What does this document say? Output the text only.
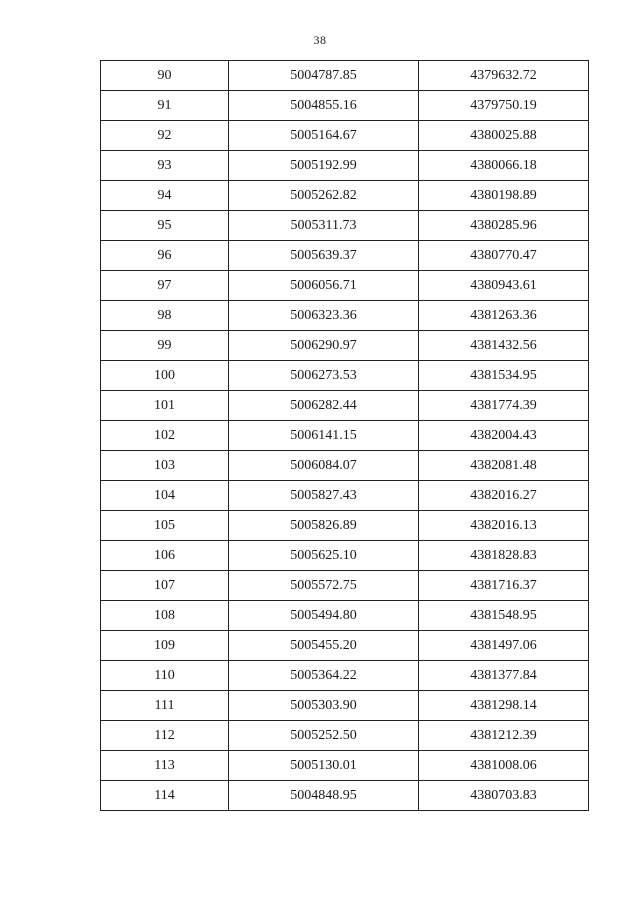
38
90	5004787.85	4379632.72
91	5004855.16	4379750.19
92	5005164.67	4380025.88
93	5005192.99	4380066.18
94	5005262.82	4380198.89
95	5005311.73	4380285.96
96	5005639.37	4380770.47
97	5006056.71	4380943.61
98	5006323.36	4381263.36
99	5006290.97	4381432.56
100	5006273.53	4381534.95
101	5006282.44	4381774.39
102	5006141.15	4382004.43
103	5006084.07	4382081.48
104	5005827.43	4382016.27
105	5005826.89	4382016.13
106	5005625.10	4381828.83
107	5005572.75	4381716.37
108	5005494.80	4381548.95
109	5005455.20	4381497.06
110	5005364.22	4381377.84
111	5005303.90	4381298.14
112	5005252.50	4381212.39
113	5005130.01	4381008.06
114	5004848.95	4380703.83
